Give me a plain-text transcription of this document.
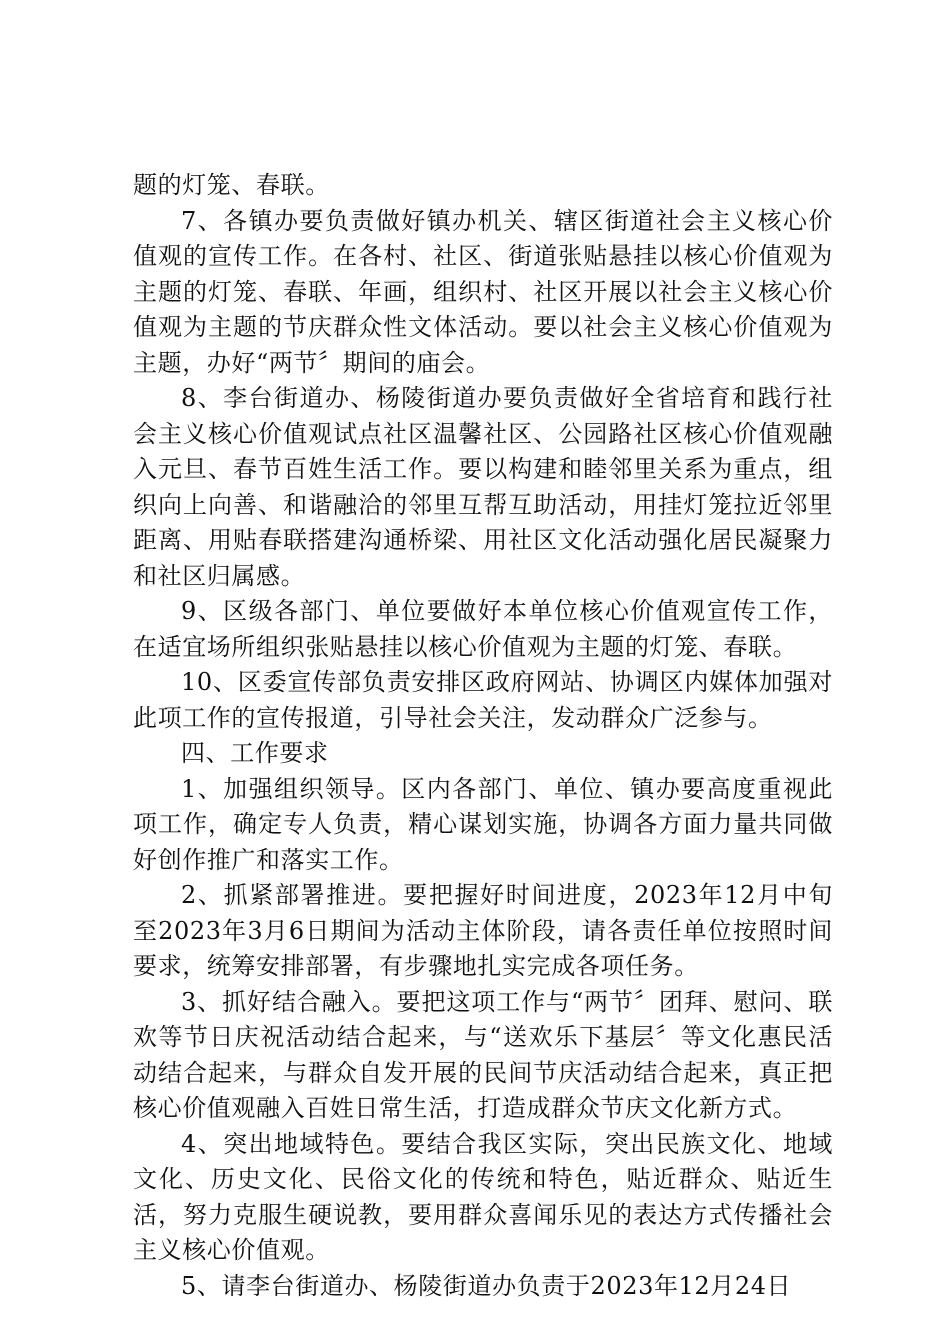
题的灯笼、春联。

7、各镇办要负责做好镇办机关、辖区街道社会主义核心价值观的宣传工作。在各村、社区、街道张贴悬挂以核心价值观为主题的灯笼、春联、年画，组织村、社区开展以社会主义核心价值观为主题的节庆群众性文体活动。要以社会主义核心价值观为主题，办好“两节〞期间的庙会。

8、李台街道办、杨陵街道办要负责做好全省培育和践行社会主义核心价值观试点社区温馨社区、公园路社区核心价值观融入元旦、春节百姓生活工作。要以构建和睦邻里关系为重点，组织向上向善、和谐融洽的邻里互帮互助活动，用挂灯笼拉近邻里距离、用贴春联搭建沟通桥梁、用社区文化活动强化居民凝聚力和社区归属感。

9、区级各部门、单位要做好本单位核心价值观宣传工作，在适宜场所组织张贴悬挂以核心价值观为主题的灯笼、春联。

10、区委宣传部负责安排区政府网站、协调区内媒体加强对此项工作的宣传报道，引导社会关注，发动群众广泛参与。

四、工作要求

1、加强组织领导。区内各部门、单位、镇办要高度重视此项工作，确定专人负责，精心谋划实施，协调各方面力量共同做好创作推广和落实工作。

2、抓紧部署推进。要把握好时间进度，2023年12月中旬至2023年3月6日期间为活动主体阶段，请各责任单位按照时间要求，统筹安排部署，有步骤地扎实完成各项任务。

3、抓好结合融入。要把这项工作与“两节〞团拜、慰问、联欢等节日庆祝活动结合起来，与“送欢乐下基层〞等文化惠民活动结合起来，与群众自发开展的民间节庆活动结合起来，真正把核心价值观融入百姓日常生活，打造成群众节庆文化新方式。

4、突出地域特色。要结合我区实际，突出民族文化、地域文化、历史文化、民俗文化的传统和特色，贴近群众、贴近生活，努力克服生硬说教，要用群众喜闻乐见的表达方式传播社会主义核心价值观。

5、请李台街道办、杨陵街道办负责于2023年12月24日
